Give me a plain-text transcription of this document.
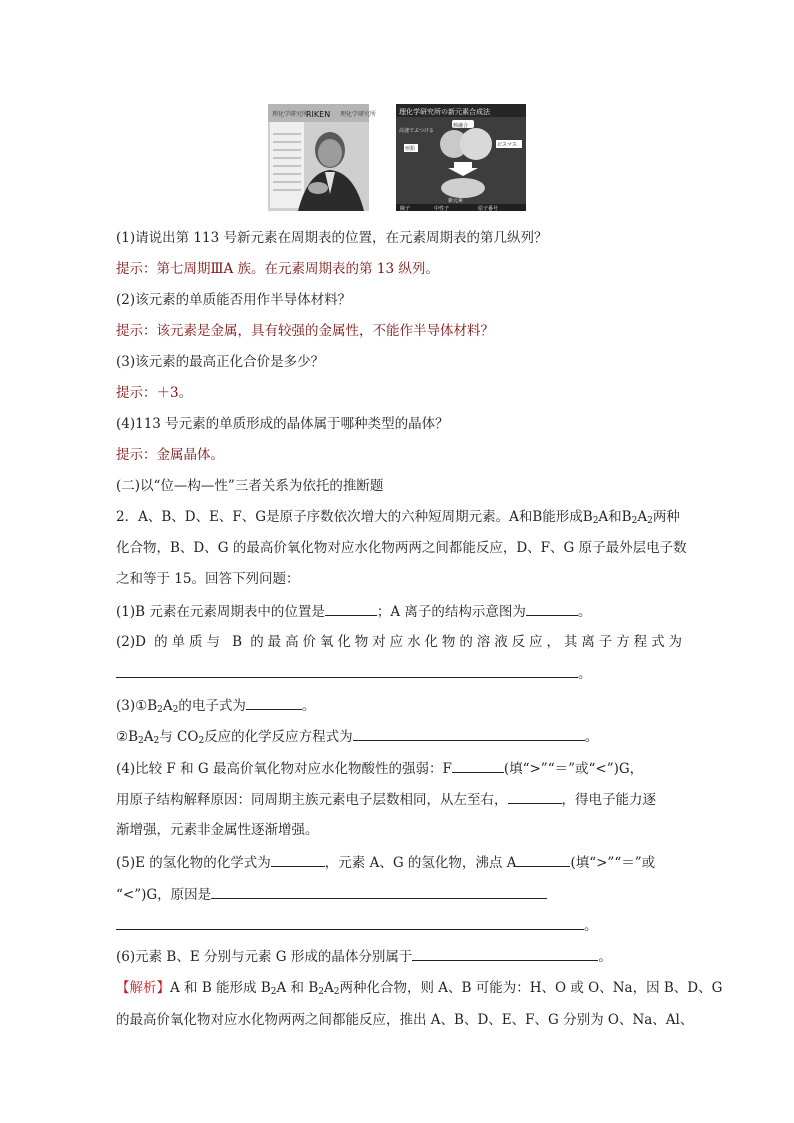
理化学研究所
RIKEN 理化学研究所	理化学研究所の新元素合成法
核融合
高速でぶつける
亜鉛
ビスマス
新元素
陽子	中性子	原子番号
(1)请说出第 113 号新元素在周期表的位置，在元素周期表的第几纵列？
提示：第七周期ⅢA 族。在元素周期表的第 13 纵列。
(2)该元素的单质能否用作半导体材料？
提示：该元素是金属，具有较强的金属性，不能作半导体材料？
(3)该元素的最高正化合价是多少？
提示：＋3。
(4)113 号元素的单质形成的晶体属于哪种类型的晶体？
提示：金属晶体。
(二)以“位—构—性”三者关系为依托的推断题
2．A、B、D、E、F、G是原子序数依次增大的六种短周期元素。A和B能形成$B_2A$和$B_2A_2$两种
化合物，B、D、G 的最高价氧化物对应水化物两两之间都能反应，D、F、G 原子最外层电子数
之和等于 15。回答下列问题：
(1)B 元素在元素周期表中的位置是	；A 离子的结构示意图为	。
(2)D 的单质与 B 的最高价氧化物对应水化物的溶液反应，其离子方程式为
。
$(3)①B_2A_2$的电子式为	。
$②B_2A_2$与 $CO_2$反应的化学反应方程式为	。
(4)比较 F 和 G 最高价氧化物对应水化物酸性的强弱：F	(填“>”“＝”或“<”)G，
用原子结构解释原因：同周期主族元素电子层数相同，从左至右，	，得电子能力逐
渐增强，元素非金属性逐渐增强。
(5)E 的氢化物的化学式为	，元素 A、G 的氢化物，沸点 A	(填“>”“＝”或
“<”)G，原因是
。
(6)元素 B、E 分别与元素 G 形成的晶体分别属于	。
【解析】A 和 B 能形成 $B_2A$ 和 $B_2A_2$两种化合物，则 A、B 可能为：H、O 或 O、Na，因 B、D、G
的最高价氧化物对应水化物两两之间都能反应，推出 A、B、D、E、F、G 分别为 O、Na、Al、
